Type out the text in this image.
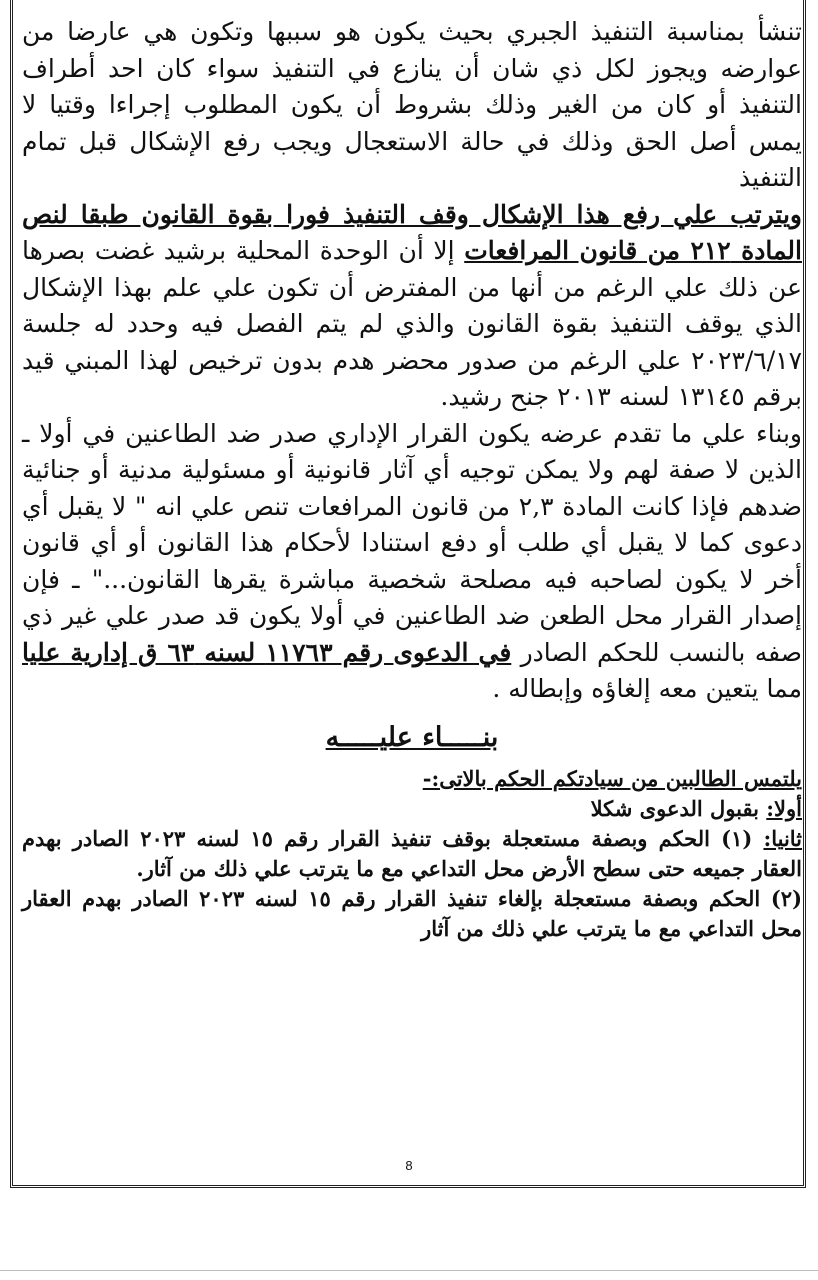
تنشأ بمناسبة التنفيذ الجبري بحيث يكون هو سببها وتكون هي عارضا من عوارضه ويجوز لكل ذي شان أن ينازع في التنفيذ سواء كان احد أطراف التنفيذ أو كان من الغير وذلك بشروط أن يكون المطلوب إجراءا وقتيا لا يمس أصل الحق وذلك في حالة الاستعجال ويجب رفع الإشكال قبل تمام التنفيذ

ويترتب علي رفع هذا الإشكال وقف التنفيذ فورا بقوة القانون طبقا لنص المادة ٢١٢ من قانون المرافعات إلا أن الوحدة المحلية برشيد غضت بصرها عن ذلك علي الرغم من أنها من المفترض أن تكون علي علم بهذا الإشكال الذي يوقف التنفيذ بقوة القانون والذي لم يتم الفصل فيه وحدد له جلسة ٢٠٢٣/٦/١٧ علي الرغم من صدور محضر هدم بدون ترخيص لهذا المبني قيد برقم ١٣١٤٥ لسنه ٢٠١٣ جنح رشيد.

وبناء علي ما تقدم عرضه يكون القرار الإداري صدر ضد الطاعنين في أولا ـ الذين لا صفة لهم ولا يمكن توجيه أي آثار قانونية أو مسئولية مدنية أو جنائية ضدهم فإذا كانت المادة ٢,٣ من قانون المرافعات تنص علي انه " لا يقبل أي دعوى كما لا يقبل أي طلب أو دفع استنادا لأحكام هذا القانون أو أي قانون أخر لا يكون لصاحبه فيه مصلحة شخصية مباشرة يقرها القانون..." ـ فإن إصدار القرار محل الطعن ضد الطاعنين في أولا يكون قد صدر علي غير ذي صفه بالنسب للحكم الصادر في الدعوى رقم ١١٧٦٣ لسنه ٦٣ ق إدارية عليا مما يتعين معه إلغاؤه وإبطاله .

بنـــــاء عليـــــه

يلتمس الطالبين من سيادتكم الحكم بالاتى:-

أولا: بقبول الدعوى شكلا

ثانيا: (١) الحكم وبصفة مستعجلة بوقف تنفيذ القرار رقم ١٥ لسنه ٢٠٢٣ الصادر بهدم العقار جميعه حتى سطح الأرض محل التداعي مع ما يترتب علي ذلك من آثار.

(٢) الحكم وبصفة مستعجلة بإلغاء تنفيذ القرار رقم ١٥ لسنه ٢٠٢٣ الصادر بهدم العقار محل التداعي مع ما يترتب علي ذلك من آثار

8
